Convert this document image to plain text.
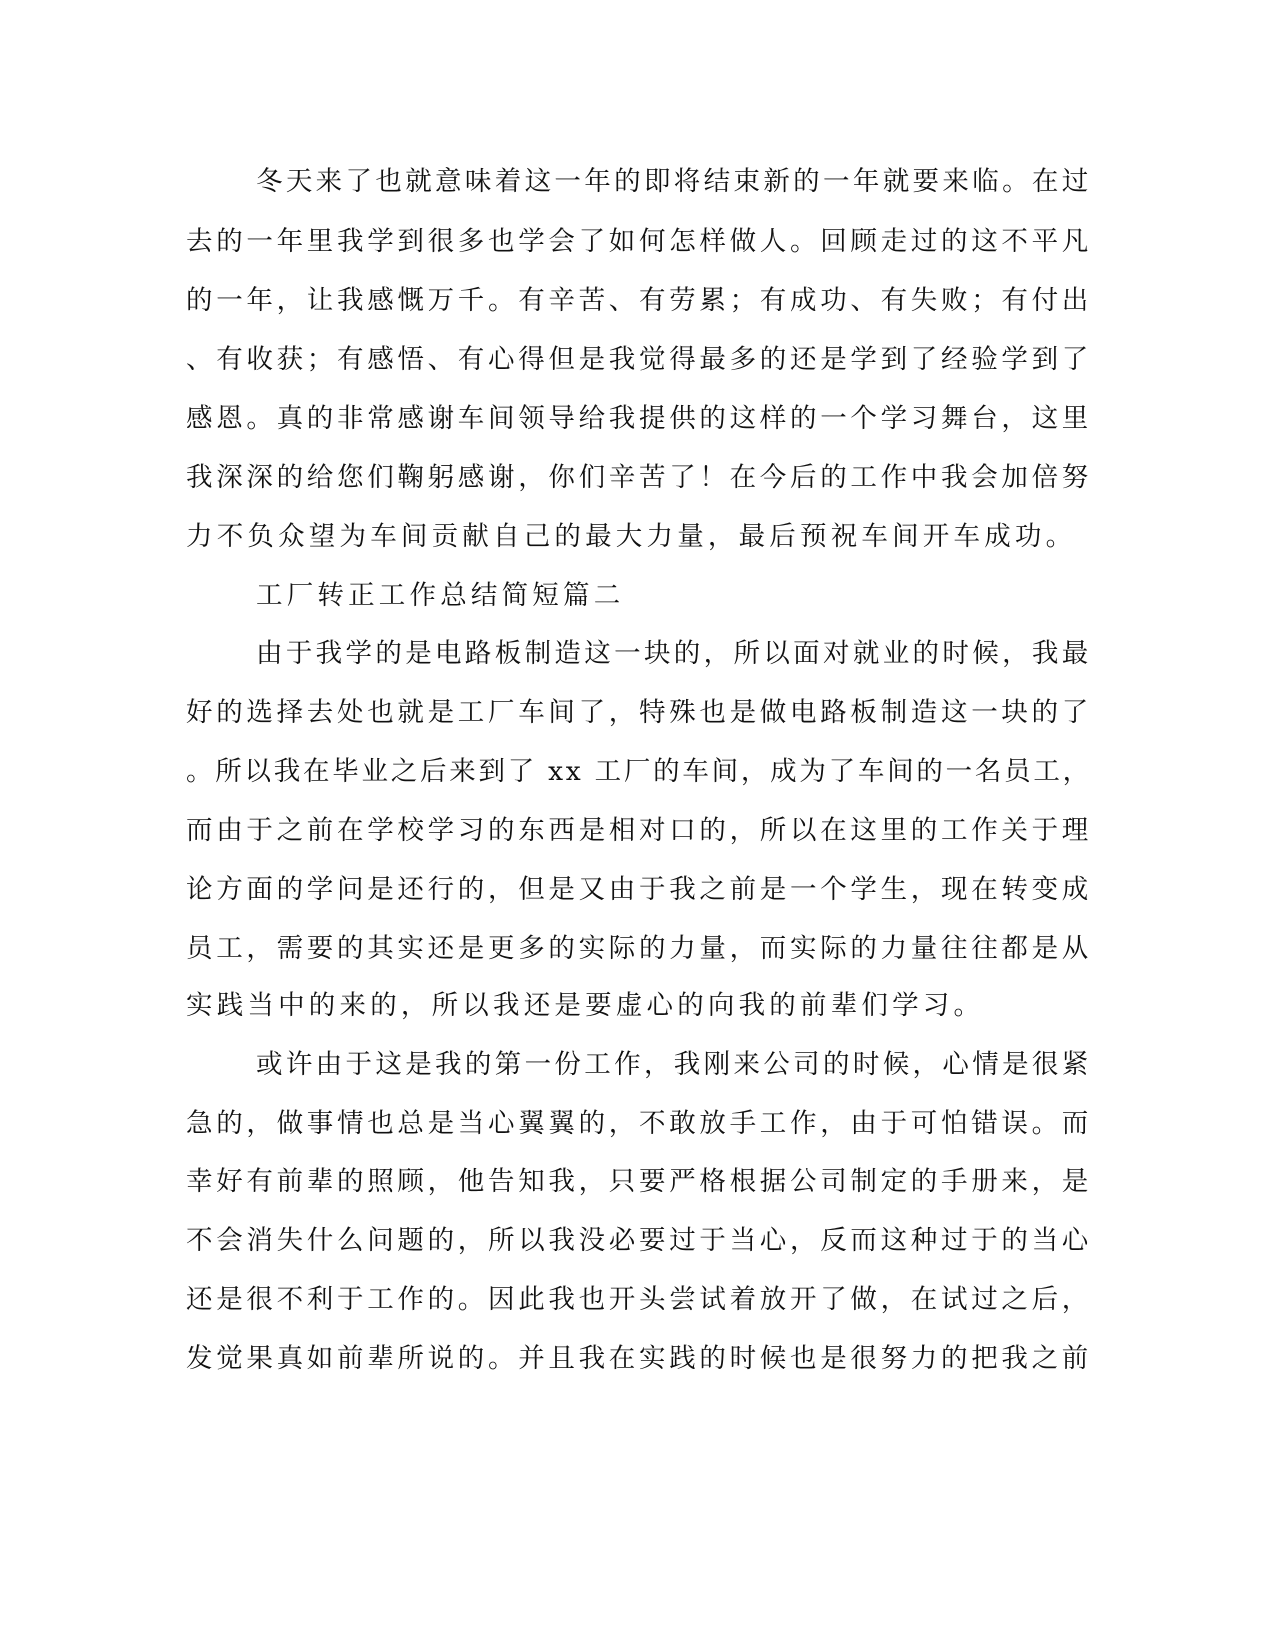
冬天来了也就意味着这一年的即将结束新的一年就要来临。在过
去的一年里我学到很多也学会了如何怎样做人。回顾走过的这不平凡
的一年，让我感慨万千。有辛苦、有劳累；有成功、有失败；有付出
、有收获；有感悟、有心得但是我觉得最多的还是学到了经验学到了
感恩。真的非常感谢车间领导给我提供的这样的一个学习舞台，这里
我深深的给您们鞠躬感谢，你们辛苦了！在今后的工作中我会加倍努
力不负众望为车间贡献自己的最大力量，最后预祝车间开车成功。
工厂转正工作总结简短篇二
由于我学的是电路板制造这一块的，所以面对就业的时候，我最
好的选择去处也就是工厂车间了，特殊也是做电路板制造这一块的了
。所以我在毕业之后来到了 xx 工厂的车间，成为了车间的一名员工，
而由于之前在学校学习的东西是相对口的，所以在这里的工作关于理
论方面的学问是还行的，但是又由于我之前是一个学生，现在转变成
员工，需要的其实还是更多的实际的力量，而实际的力量往往都是从
实践当中的来的，所以我还是要虚心的向我的前辈们学习。
或许由于这是我的第一份工作，我刚来公司的时候，心情是很紧
急的，做事情也总是当心翼翼的，不敢放手工作，由于可怕错误。而
幸好有前辈的照顾，他告知我，只要严格根据公司制定的手册来，是
不会消失什么问题的，所以我没必要过于当心，反而这种过于的当心
还是很不利于工作的。因此我也开头尝试着放开了做，在试过之后，
发觉果真如前辈所说的。并且我在实践的时候也是很努力的把我之前
